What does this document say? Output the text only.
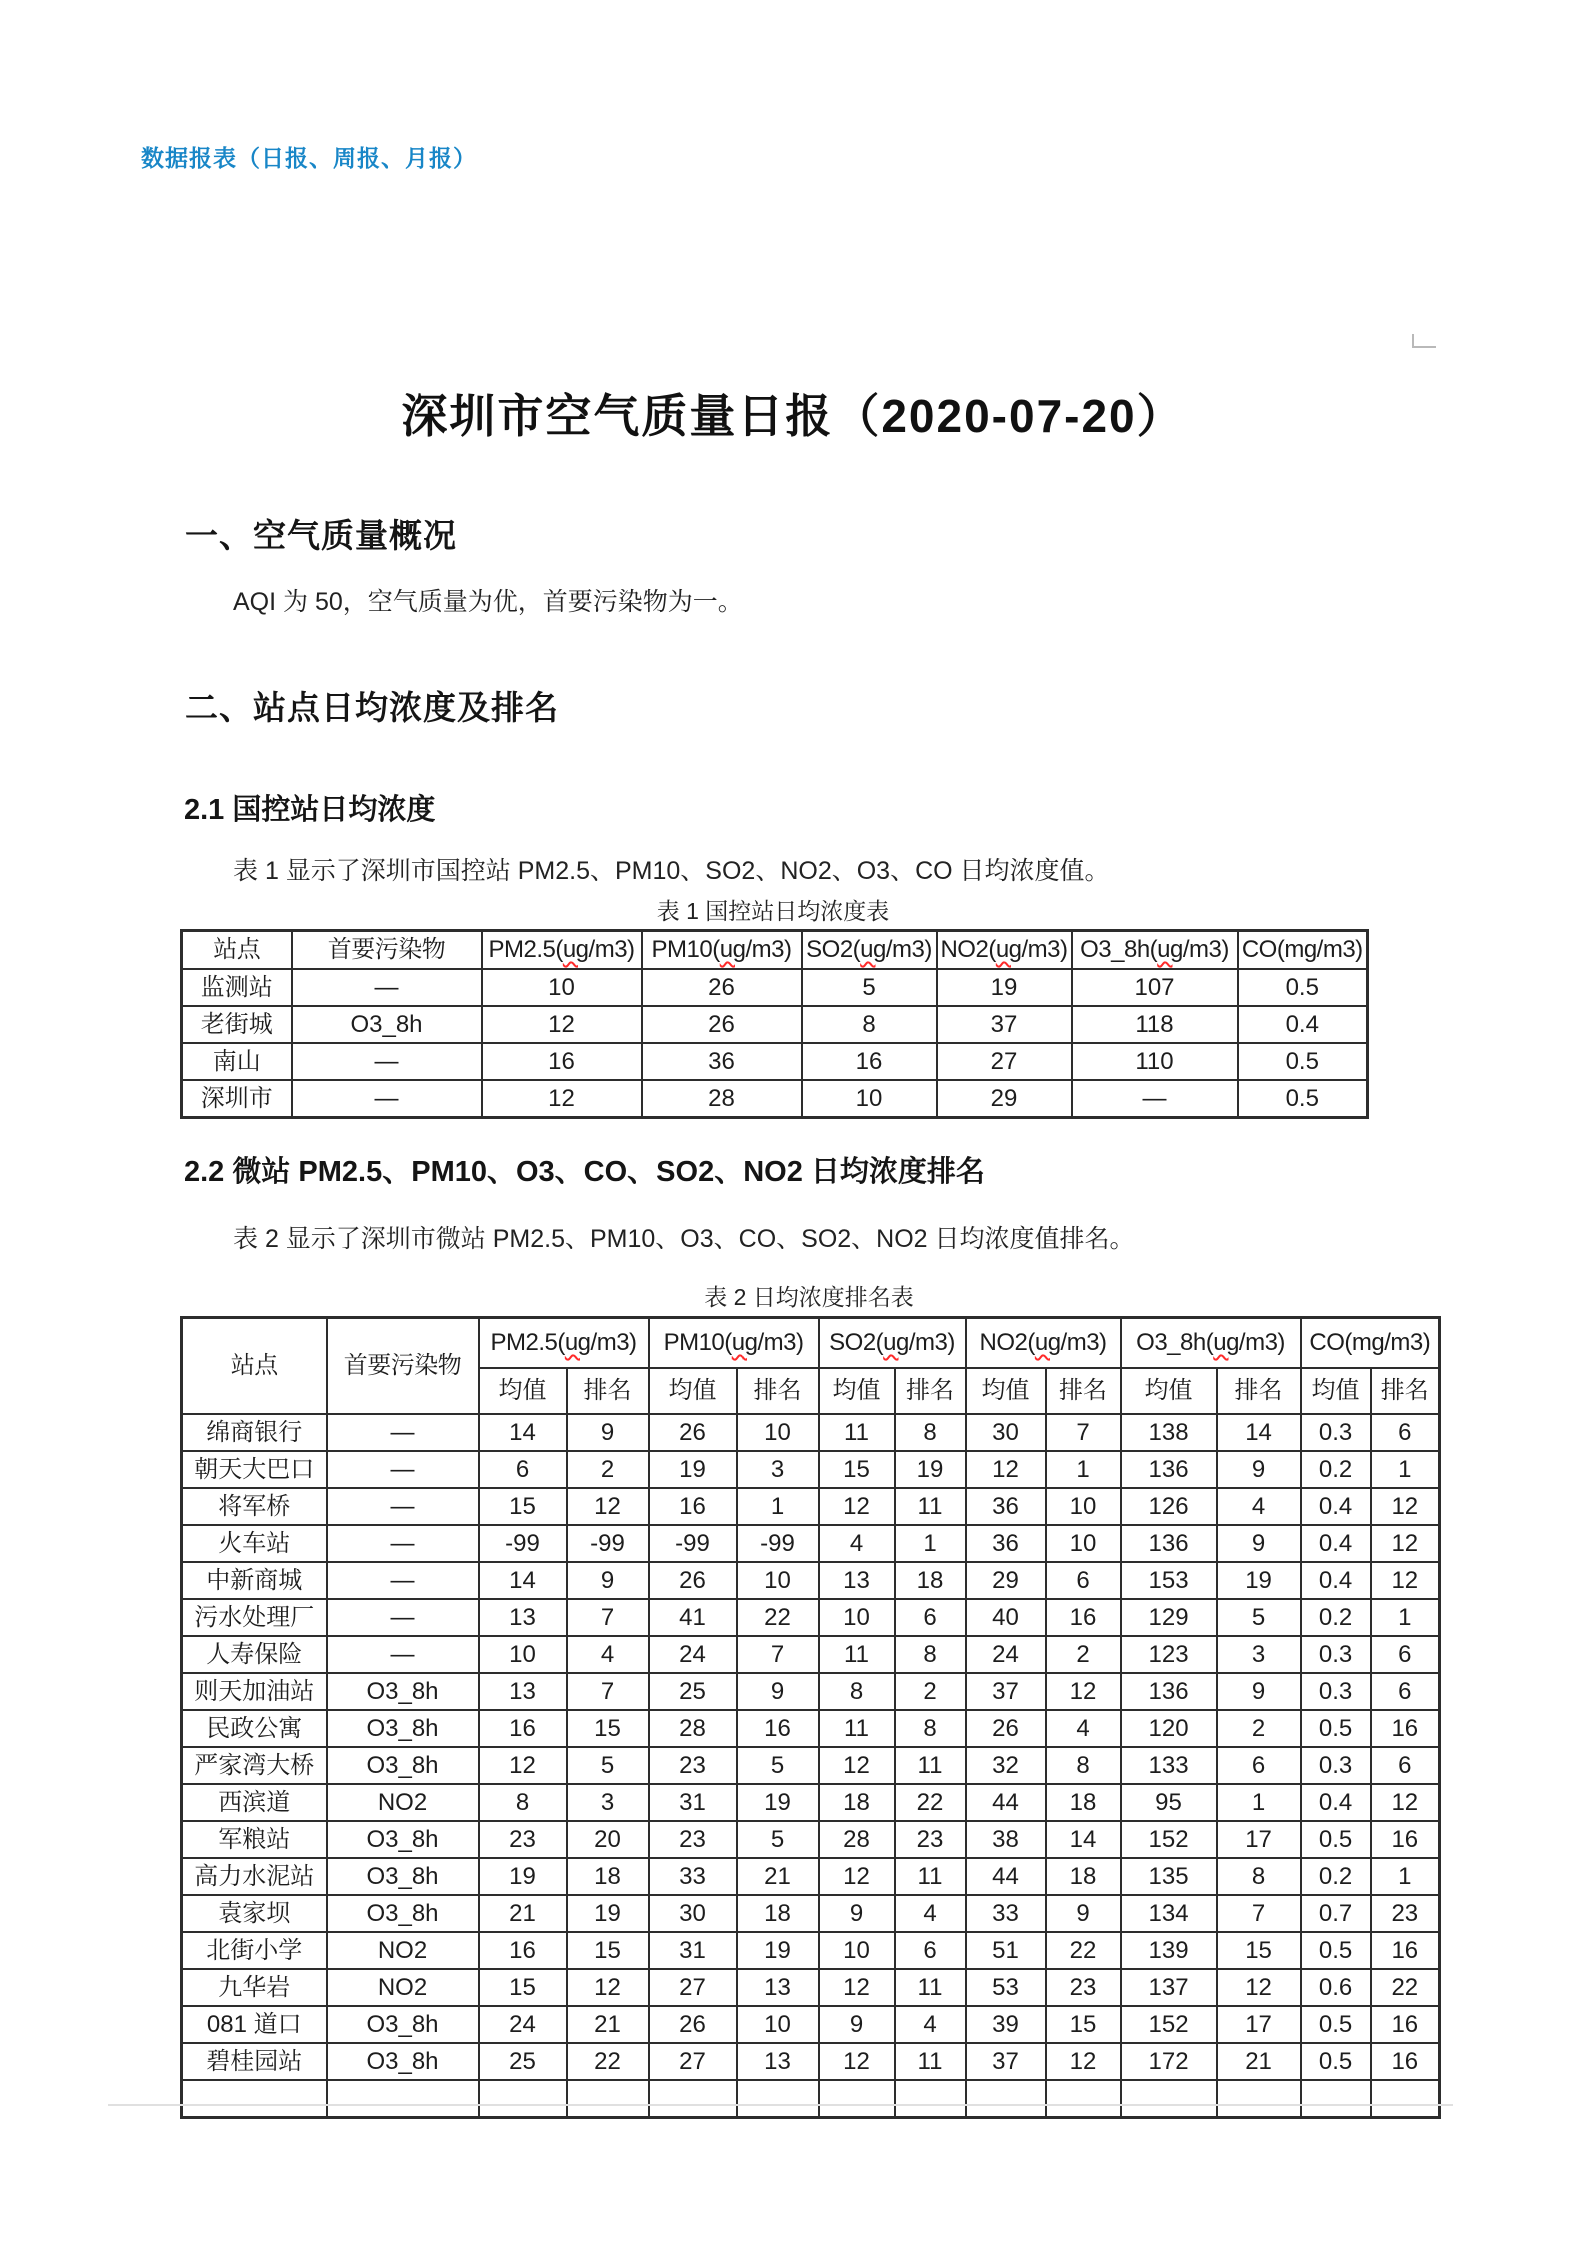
数据报表（日报、周报、月报）
深圳市空气质量日报（2020-07-20）
一、空气质量概况
AQI 为 50，空气质量为优，首要污染物为一。
二、站点日均浓度及排名
2.1 国控站日均浓度
表 1 显示了深圳市国控站 PM2.5、PM10、SO2、NO2、O3、CO 日均浓度值。
表 1 国控站日均浓度表
站点	首要污染物	PM2.5(ug/m3)	PM10(ug/m3)	SO2(ug/m3)	NO2(ug/m3)	O3_8h(ug/m3)	CO(mg/m3)
监测站	—	10	26	5	19	107	0.5
老街城	O3_8h	12	26	8	37	118	0.4
南山	—	16	36	16	27	110	0.5
深圳市	—	12	28	10	29	—	0.5
2.2 微站 PM2.5、PM10、O3、CO、SO2、NO2 日均浓度排名
表 2 显示了深圳市微站 PM2.5、PM10、O3、CO、SO2、NO2 日均浓度值排名。
表 2 日均浓度排名表
站点	首要污染物	PM2.5(ug/m3)		PM10(ug/m3)		SO2(ug/m3)		NO2(ug/m3)		O3_8h(ug/m3)		CO(mg/m3)	
		均值	排名	均值	排名	均值	排名	均值	排名	均值	排名	均值	排名
绵商银行	—	14	9	26	10	11	8	30	7	138	14	0.3	6
朝天大巴口	—	6	2	19	3	15	19	12	1	136	9	0.2	1
将军桥	—	15	12	16	1	12	11	36	10	126	4	0.4	12
火车站	—	-99	-99	-99	-99	4	1	36	10	136	9	0.4	12
中新商城	—	14	9	26	10	13	18	29	6	153	19	0.4	12
污水处理厂	—	13	7	41	22	10	6	40	16	129	5	0.2	1
人寿保险	—	10	4	24	7	11	8	24	2	123	3	0.3	6
则天加油站	O3_8h	13	7	25	9	8	2	37	12	136	9	0.3	6
民政公寓	O3_8h	16	15	28	16	11	8	26	4	120	2	0.5	16
严家湾大桥	O3_8h	12	5	23	5	12	11	32	8	133	6	0.3	6
西滨道	NO2	8	3	31	19	18	22	44	18	95	1	0.4	12
军粮站	O3_8h	23	20	23	5	28	23	38	14	152	17	0.5	16
高力水泥站	O3_8h	19	18	33	21	12	11	44	18	135	8	0.2	1
袁家坝	O3_8h	21	19	30	18	9	4	33	9	134	7	0.7	23
北街小学	NO2	16	15	31	19	10	6	51	22	139	15	0.5	16
九华岩	NO2	15	12	27	13	12	11	53	23	137	12	0.6	22
081 道口	O3_8h	24	21	26	10	9	4	39	15	152	17	0.5	16
碧桂园站	O3_8h	25	22	27	13	12	11	37	12	172	21	0.5	16
